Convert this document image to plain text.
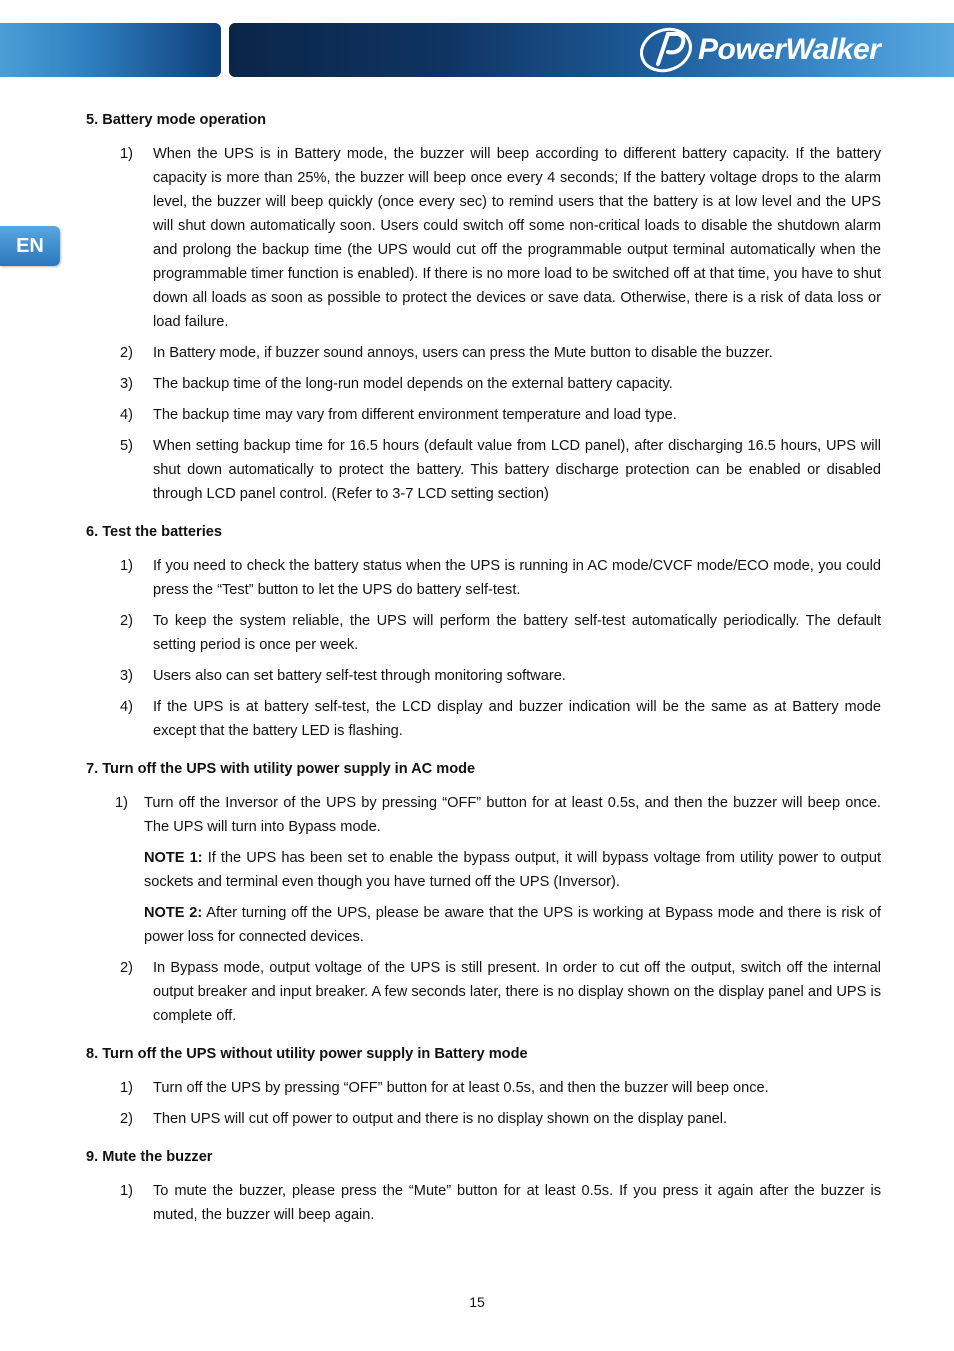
PowerWalker
EN
5. Battery mode operation
1) When the UPS is in Battery mode, the buzzer will beep according to different battery capacity. If the battery capacity is more than 25%, the buzzer will beep once every 4 seconds; If the battery voltage drops to the alarm level, the buzzer will beep quickly (once every sec) to remind users that the battery is at low level and the UPS will shut down automatically soon. Users could switch off some non-critical loads to disable the shutdown alarm and prolong the backup time (the UPS would cut off the programmable output terminal automatically when the programmable timer function is enabled). If there is no more load to be switched off at that time, you have to shut down all loads as soon as possible to protect the devices or save data. Otherwise, there is a risk of data loss or load failure.
2) In Battery mode, if buzzer sound annoys, users can press the Mute button to disable the buzzer.
3) The backup time of the long-run model depends on the external battery capacity.
4) The backup time may vary from different environment temperature and load type.
5) When setting backup time for 16.5 hours (default value from LCD panel), after discharging 16.5 hours, UPS will shut down automatically to protect the battery. This battery discharge protection can be enabled or disabled through LCD panel control. (Refer to 3-7 LCD setting section)
6. Test the batteries
1) If you need to check the battery status when the UPS is running in AC mode/CVCF mode/ECO mode, you could press the “Test” button to let the UPS do battery self-test.
2) To keep the system reliable, the UPS will perform the battery self-test automatically periodically. The default setting period is once per week.
3) Users also can set battery self-test through monitoring software.
4) If the UPS is at battery self-test, the LCD display and buzzer indication will be the same as at Battery mode except that the battery LED is flashing.
7. Turn off the UPS with utility power supply in AC mode
1) Turn off the Inversor of the UPS by pressing “OFF” button for at least 0.5s, and then the buzzer will beep once. The UPS will turn into Bypass mode.
NOTE 1: If the UPS has been set to enable the bypass output, it will bypass voltage from utility power to output sockets and terminal even though you have turned off the UPS (Inversor).
NOTE 2: After turning off the UPS, please be aware that the UPS is working at Bypass mode and there is risk of power loss for connected devices.
2) In Bypass mode, output voltage of the UPS is still present. In order to cut off the output, switch off the internal output breaker and input breaker. A few seconds later, there is no display shown on the display panel and UPS is complete off.
8. Turn off the UPS without utility power supply in Battery mode
1) Turn off the UPS by pressing “OFF” button for at least 0.5s, and then the buzzer will beep once.
2) Then UPS will cut off power to output and there is no display shown on the display panel.
9. Mute the buzzer
1) To mute the buzzer, please press the “Mute” button for at least 0.5s. If you press it again after the buzzer is muted, the buzzer will beep again.
15
